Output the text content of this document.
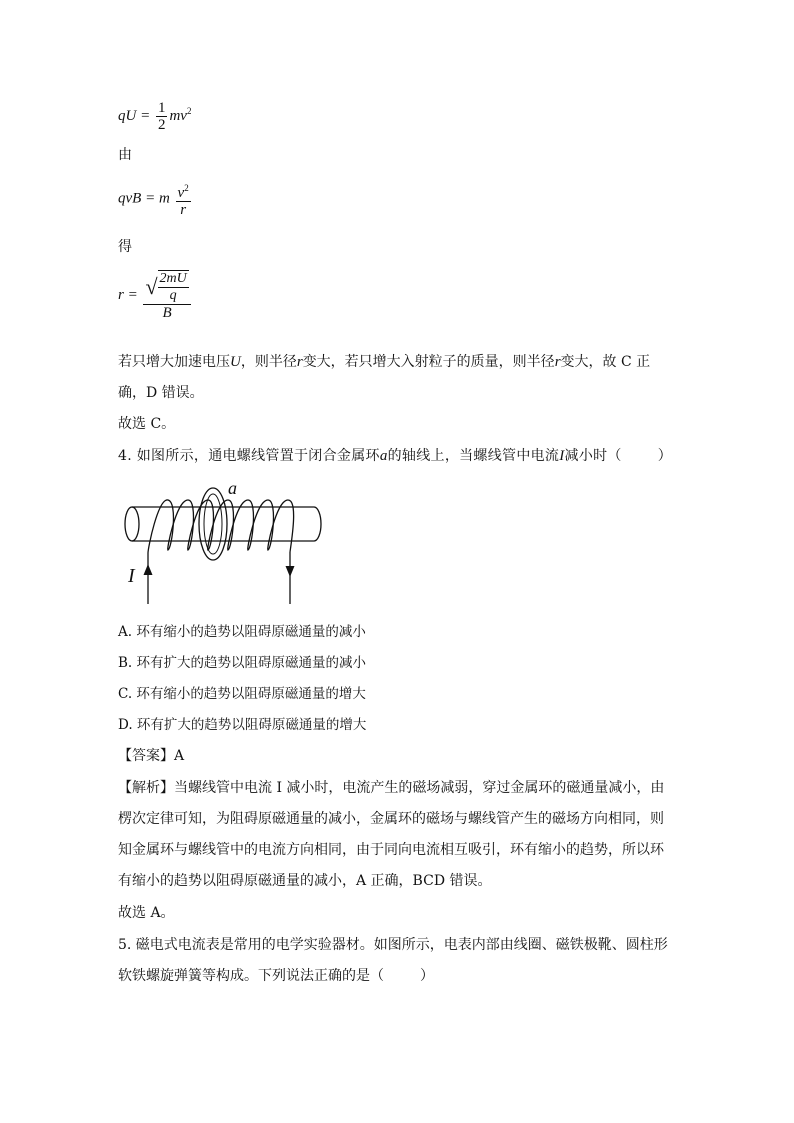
qU = $\frac{1}{2} mv^2$
由
qvB = m $\frac{v^2}{r}$
得
$r = \frac{√ \frac{2mU}{q}}{B}$
若只增大加速电压U，则半径r变大，若只增大入射粒子的质量，则半径r变大，故 C 正
确，D 错误。
故选 C。
4. 如图所示，通电螺线管置于闭合金属环a的轴线上，当螺线管中电流I减小时（	）
a
I
A. 环有缩小的趋势以阻碍原磁通量的减小
B. 环有扩大的趋势以阻碍原磁通量的减小
C. 环有缩小的趋势以阻碍原磁通量的增大
D. 环有扩大的趋势以阻碍原磁通量的增大
【答案】A
【解析】当螺线管中电流 I 减小时，电流产生的磁场减弱，穿过金属环的磁通量减小，由
楞次定律可知，为阻碍原磁通量的减小，金属环的磁场与螺线管产生的磁场方向相同，则
知金属环与螺线管中的电流方向相同，由于同向电流相互吸引，环有缩小的趋势，所以环
有缩小的趋势以阻碍原磁通量的减小，A 正确，BCD 错误。
故选 A。
5. 磁电式电流表是常用的电学实验器材。如图所示，电表内部由线圈、磁铁极靴、圆柱形
软铁螺旋弹簧等构成。下列说法正确的是（	）
